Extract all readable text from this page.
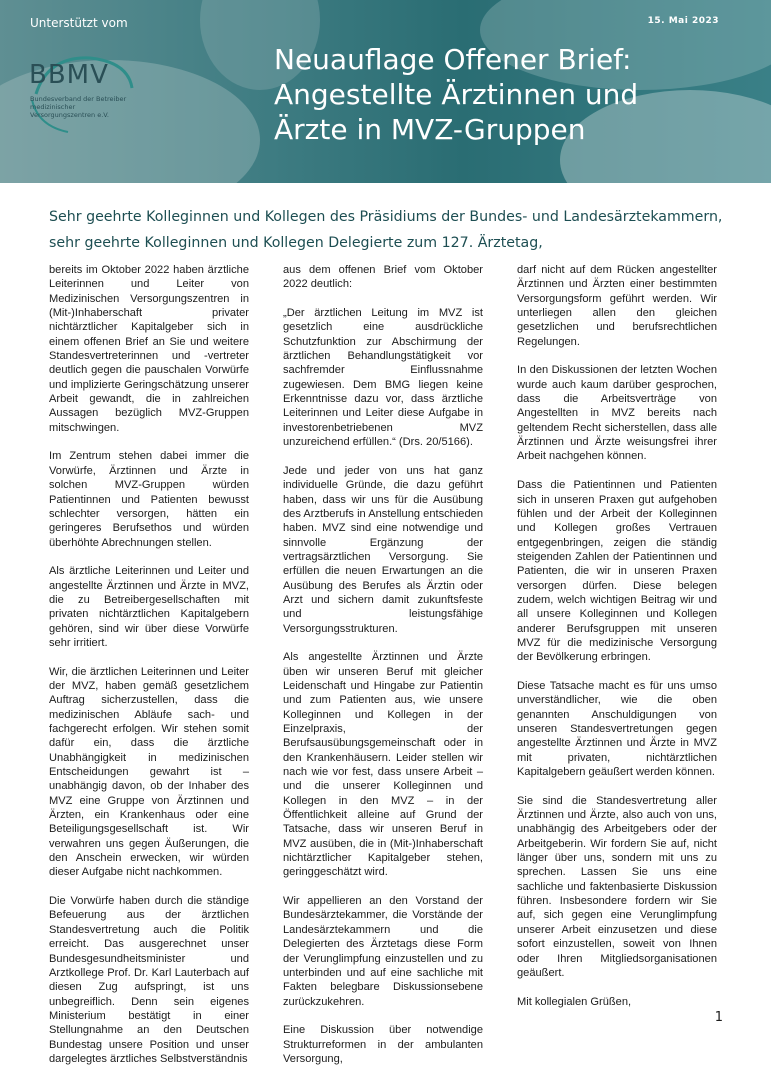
Unterstützt vom	15. Mai 2023
BBMV
Bundesverband der Betreiber medizinischer Versorgungszentren e.V.
Neuauflage Offener Brief:
Angestellte Ärztinnen und
Ärzte in MVZ-Gruppen
Sehr geehrte Kolleginnen und Kollegen des Präsidiums der Bundes- und Landesärztekammern,
sehr geehrte Kolleginnen und Kollegen Delegierte zum 127. Ärztetag,

bereits im Oktober 2022 haben ärztliche Leiterinnen und Leiter von Medizinischen Versorgungszentren in (Mit-)Inhaberschaft privater nichtärztlicher Kapitalgeber sich in einem offenen Brief an Sie und weitere Standesvertreterinnen und -vertreter deutlich gegen die pauschalen Vorwürfe und implizierte Geringschätzung unserer Arbeit gewandt, die in zahlreichen Aussagen bezüglich MVZ-Gruppen mitschwingen.

Im Zentrum stehen dabei immer die Vorwürfe, Ärztinnen und Ärzte in solchen MVZ-Gruppen würden Patientinnen und Patienten bewusst schlechter versorgen, hätten ein geringeres Berufsethos und würden überhöhte Abrechnungen stellen.

Als ärztliche Leiterinnen und Leiter und angestellte Ärztinnen und Ärzte in MVZ, die zu Betreibergesellschaften mit privaten nichtärztlichen Kapitalgebern gehören, sind wir über diese Vorwürfe sehr irritiert.

Wir, die ärztlichen Leiterinnen und Leiter der MVZ, haben gemäß gesetzlichem Auftrag sicherzustellen, dass die medizinischen Abläufe sach- und fachgerecht erfolgen. Wir stehen somit dafür ein, dass die ärztliche Unabhängigkeit in medizinischen Entscheidungen gewahrt ist – unabhängig davon, ob der Inhaber des MVZ eine Gruppe von Ärztinnen und Ärzten, ein Krankenhaus oder eine Beteiligungsgesellschaft ist. Wir verwahren uns gegen Äußerungen, die den Anschein erwecken, wir würden dieser Aufgabe nicht nachkommen.

Die Vorwürfe haben durch die ständige Befeuerung aus der ärztlichen Standesvertretung auch die Politik erreicht. Das ausgerechnet unser Bundesgesundheitsminister und Arztkollege Prof. Dr. Karl Lauterbach auf diesen Zug aufspringt, ist uns unbegreiflich. Denn sein eigenes Ministerium bestätigt in einer Stellungnahme an den Deutschen Bundestag unsere Position und unser dargelegtes ärztliches Selbstverständnis

aus dem offenen Brief vom Oktober 2022 deutlich:

„Der ärztlichen Leitung im MVZ ist gesetzlich eine ausdrückliche Schutzfunktion zur Abschirmung der ärztlichen Behandlungstätigkeit vor sachfremder Einflussnahme zugewiesen. Dem BMG liegen keine Erkenntnisse dazu vor, dass ärztliche Leiterinnen und Leiter diese Aufgabe in investorenbetriebenen MVZ unzureichend erfüllen.“ (Drs. 20/5166).

Jede und jeder von uns hat ganz individuelle Gründe, die dazu geführt haben, dass wir uns für die Ausübung des Arztberufs in Anstellung entschieden haben. MVZ sind eine notwendige und sinnvolle Ergänzung der vertragsärztlichen Versorgung. Sie erfüllen die neuen Erwartungen an die Ausübung des Berufes als Ärztin oder Arzt und sichern damit zukunftsfeste und leistungsfähige Versorgungsstrukturen.

Als angestellte Ärztinnen und Ärzte üben wir unseren Beruf mit gleicher Leidenschaft und Hingabe zur Patientin und zum Patienten aus, wie unsere Kolleginnen und Kollegen in der Einzelpraxis, der Berufsausübungsgemeinschaft oder in den Krankenhäusern. Leider stellen wir nach wie vor fest, dass unsere Arbeit – und die unserer Kolleginnen und Kollegen in den MVZ – in der Öffentlichkeit alleine auf Grund der Tatsache, dass wir unseren Beruf in MVZ ausüben, die in (Mit-)Inhaberschaft nichtärztlicher Kapitalgeber stehen, geringgeschätzt wird.

Wir appellieren an den Vorstand der Bundesärztekammer, die Vorstände der Landesärztekammern und die Delegierten des Ärztetags diese Form der Verunglimpfung einzustellen und zu unterbinden und auf eine sachliche mit Fakten belegbare Diskussionsebene zurückzukehren.

Eine Diskussion über notwendige Strukturreformen in der ambulanten Versorgung,

darf nicht auf dem Rücken angestellter Ärztinnen und Ärzten einer bestimmten Versorgungsform geführt werden. Wir unterliegen allen den gleichen gesetzlichen und berufsrechtlichen Regelungen.

In den Diskussionen der letzten Wochen wurde auch kaum darüber gesprochen, dass die Arbeitsverträge von Angestellten in MVZ bereits nach geltendem Recht sicherstellen, dass alle Ärztinnen und Ärzte weisungsfrei ihrer Arbeit nachgehen können.

Dass die Patientinnen und Patienten sich in unseren Praxen gut aufgehoben fühlen und der Arbeit der Kolleginnen und Kollegen großes Vertrauen entgegenbringen, zeigen die ständig steigenden Zahlen der Patientinnen und Patienten, die wir in unseren Praxen versorgen dürfen. Diese belegen zudem, welch wichtigen Beitrag wir und all unsere Kolleginnen und Kollegen anderer Berufsgruppen mit unseren MVZ für die medizinische Versorgung der Bevölkerung erbringen.

Diese Tatsache macht es für uns umso unverständlicher, wie die oben genannten Anschuldigungen von unseren Standesvertretungen gegen angestellte Ärztinnen und Ärzte in MVZ mit privaten, nichtärztlichen Kapitalgebern geäußert werden können.

Sie sind die Standesvertretung aller Ärztinnen und Ärzte, also auch von uns, unabhängig des Arbeitgebers oder der Arbeitgeberin. Wir fordern Sie auf, nicht länger über uns, sondern mit uns zu sprechen. Lassen Sie uns eine sachliche und faktenbasierte Diskussion führen. Insbesondere fordern wir Sie auf, sich gegen eine Verunglimpfung unserer Arbeit einzusetzen und diese sofort einzustellen, soweit von Ihnen oder Ihren Mitgliedsorganisationen geäußert.

Mit kollegialen Grüßen,

1
